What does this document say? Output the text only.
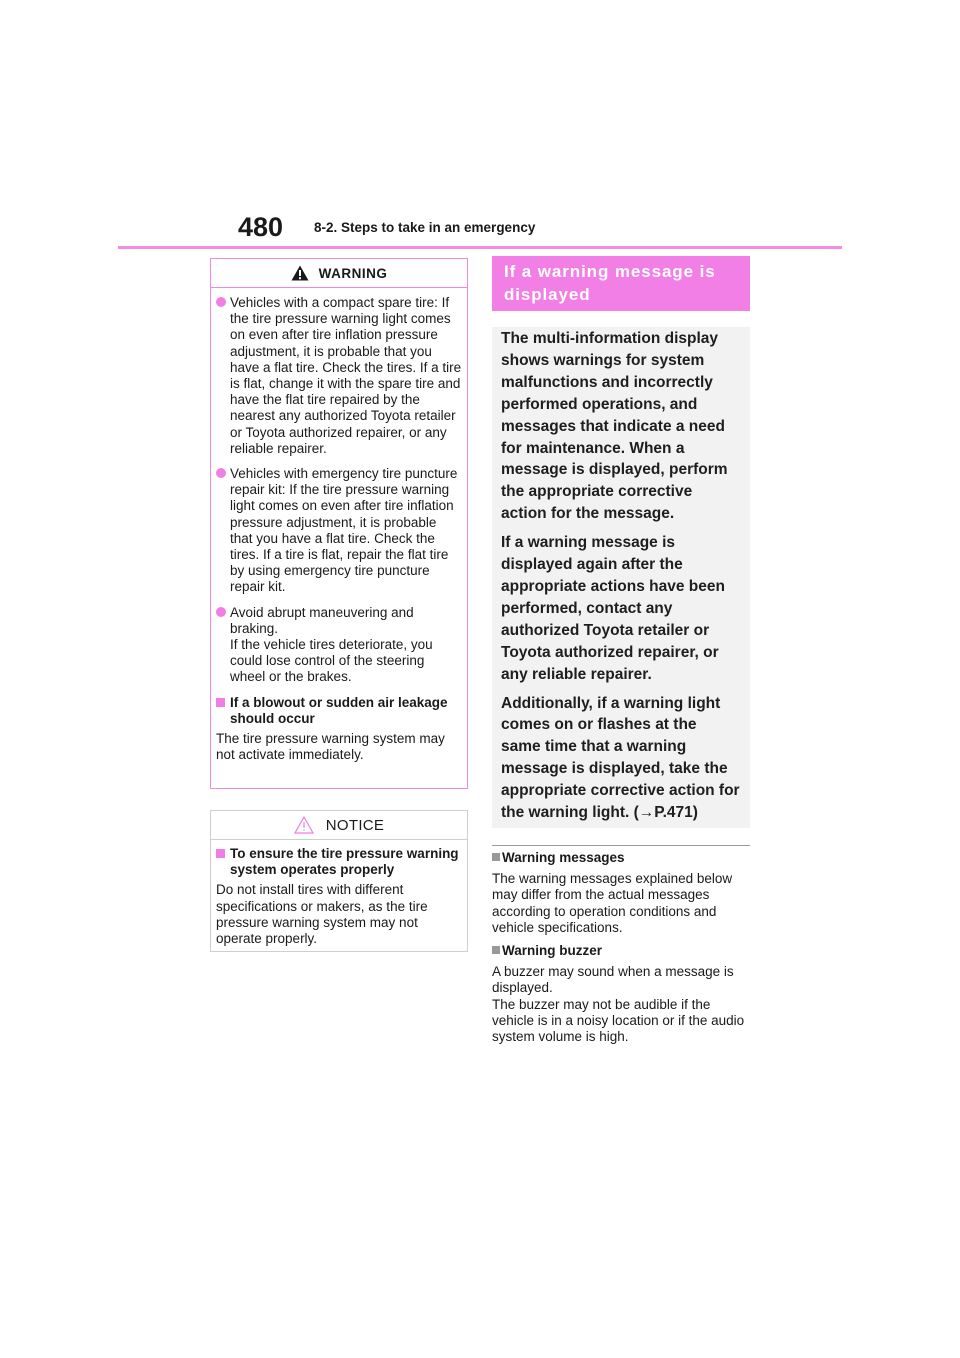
480 8-2. Steps to take in an emergency
WARNING
Vehicles with a compact spare tire: If the tire pressure warning light comes on even after tire inflation pressure adjustment, it is probable that you have a flat tire. Check the tires. If a tire is flat, change it with the spare tire and have the flat tire repaired by the nearest any authorized Toyota retailer or Toyota authorized repairer, or any reliable repairer.
Vehicles with emergency tire puncture repair kit: If the tire pressure warning light comes on even after tire inflation pressure adjustment, it is probable that you have a flat tire. Check the tires. If a tire is flat, repair the flat tire by using emergency tire puncture repair kit.
Avoid abrupt maneuvering and braking.
If the vehicle tires deteriorate, you could lose control of the steering wheel or the brakes.
If a blowout or sudden air leakage should occur
The tire pressure warning system may not activate immediately.
NOTICE
To ensure the tire pressure warning system operates properly
Do not install tires with different specifications or makers, as the tire pressure warning system may not operate properly.
If a warning message is displayed

The multi-information display shows warnings for system malfunctions and incorrectly performed operations, and messages that indicate a need for maintenance. When a message is displayed, perform the appropriate corrective action for the message.

If a warning message is displayed again after the appropriate actions have been performed, contact any authorized Toyota retailer or Toyota authorized repairer, or any reliable repairer.

Additionally, if a warning light comes on or flashes at the same time that a warning message is displayed, take the appropriate corrective action for the warning light. (→P.471)

Warning messages
The warning messages explained below may differ from the actual messages according to operation conditions and vehicle specifications.
Warning buzzer
A buzzer may sound when a message is displayed.
The buzzer may not be audible if the vehicle is in a noisy location or if the audio system volume is high.
